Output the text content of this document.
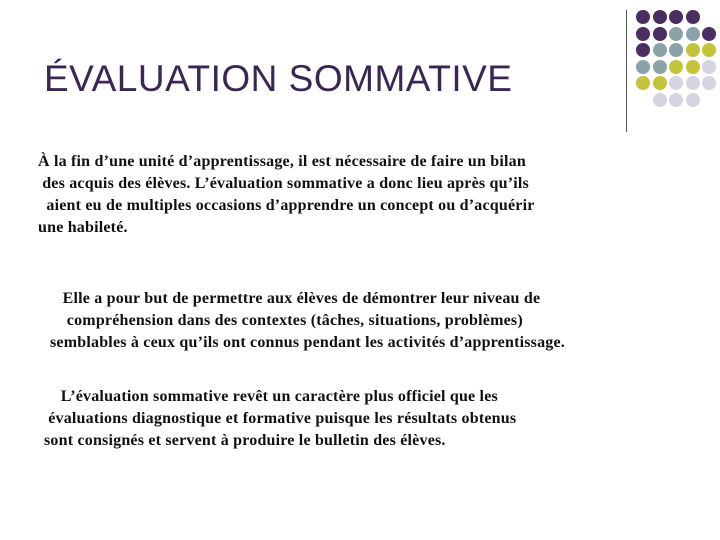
ÉVALUATION SOMMATIVE

À la fin d’une unité d’apprentissage, il est nécessaire de faire un bilan
des acquis des élèves. L’évaluation sommative a donc lieu après qu’ils
aient eu de multiples occasions d’apprendre un concept ou d’acquérir
une habileté.

Elle a pour but de permettre aux élèves de démontrer leur niveau de
compréhension dans des contextes (tâches, situations, problèmes)
semblables à ceux qu’ils ont connus pendant les activités d’apprentissage.

L’évaluation sommative revêt un caractère plus officiel que les
évaluations diagnostique et formative puisque les résultats obtenus
sont consignés et servent à produire le bulletin des élèves.
